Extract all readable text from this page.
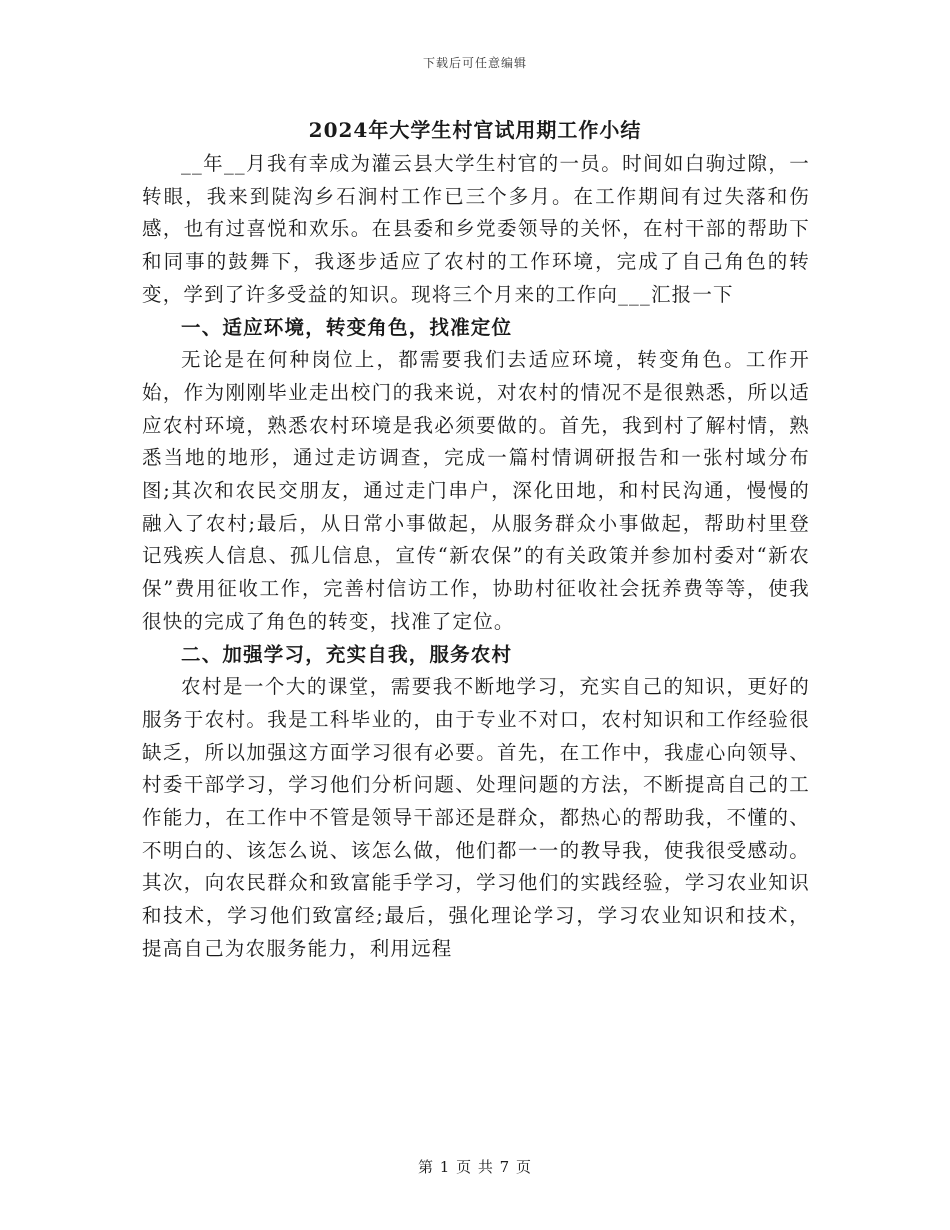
下载后可任意编辑
2024年大学生村官试用期工作小结

__年__月我有幸成为灌云县大学生村官的一员。时间如白驹过隙，一转眼，我来到陡沟乡石涧村工作已三个多月。在工作期间有过失落和伤感，也有过喜悦和欢乐。在县委和乡党委领导的关怀，在村干部的帮助下和同事的鼓舞下，我逐步适应了农村的工作环境，完成了自己角色的转变，学到了许多受益的知识。现将三个月来的工作向___汇报一下

一、适应环境，转变角色，找准定位

无论是在何种岗位上，都需要我们去适应环境，转变角色。工作开始，作为刚刚毕业走出校门的我来说，对农村的情况不是很熟悉，所以适应农村环境，熟悉农村环境是我必须要做的。首先，我到村了解村情，熟悉当地的地形，通过走访调查，完成一篇村情调研报告和一张村域分布图;其次和农民交朋友，通过走门串户，深化田地，和村民沟通，慢慢的融入了农村;最后，从日常小事做起，从服务群众小事做起，帮助村里登记残疾人信息、孤儿信息，宣传“新农保”的有关政策并参加村委对“新农保”费用征收工作，完善村信访工作，协助村征收社会抚养费等等，使我很快的完成了角色的转变，找准了定位。

二、加强学习，充实自我，服务农村

农村是一个大的课堂，需要我不断地学习，充实自己的知识，更好的服务于农村。我是工科毕业的，由于专业不对口，农村知识和工作经验很缺乏，所以加强这方面学习很有必要。首先，在工作中，我虚心向领导、村委干部学习，学习他们分析问题、处理问题的方法，不断提高自己的工作能力，在工作中不管是领导干部还是群众，都热心的帮助我，不懂的、不明白的、该怎么说、该怎么做，他们都一一的教导我，使我很受感动。其次，向农民群众和致富能手学习，学习他们的实践经验，学习农业知识和技术，学习他们致富经;最后，强化理论学习，学习农业知识和技术，提高自己为农服务能力，利用远程

第 1 页 共 7 页
